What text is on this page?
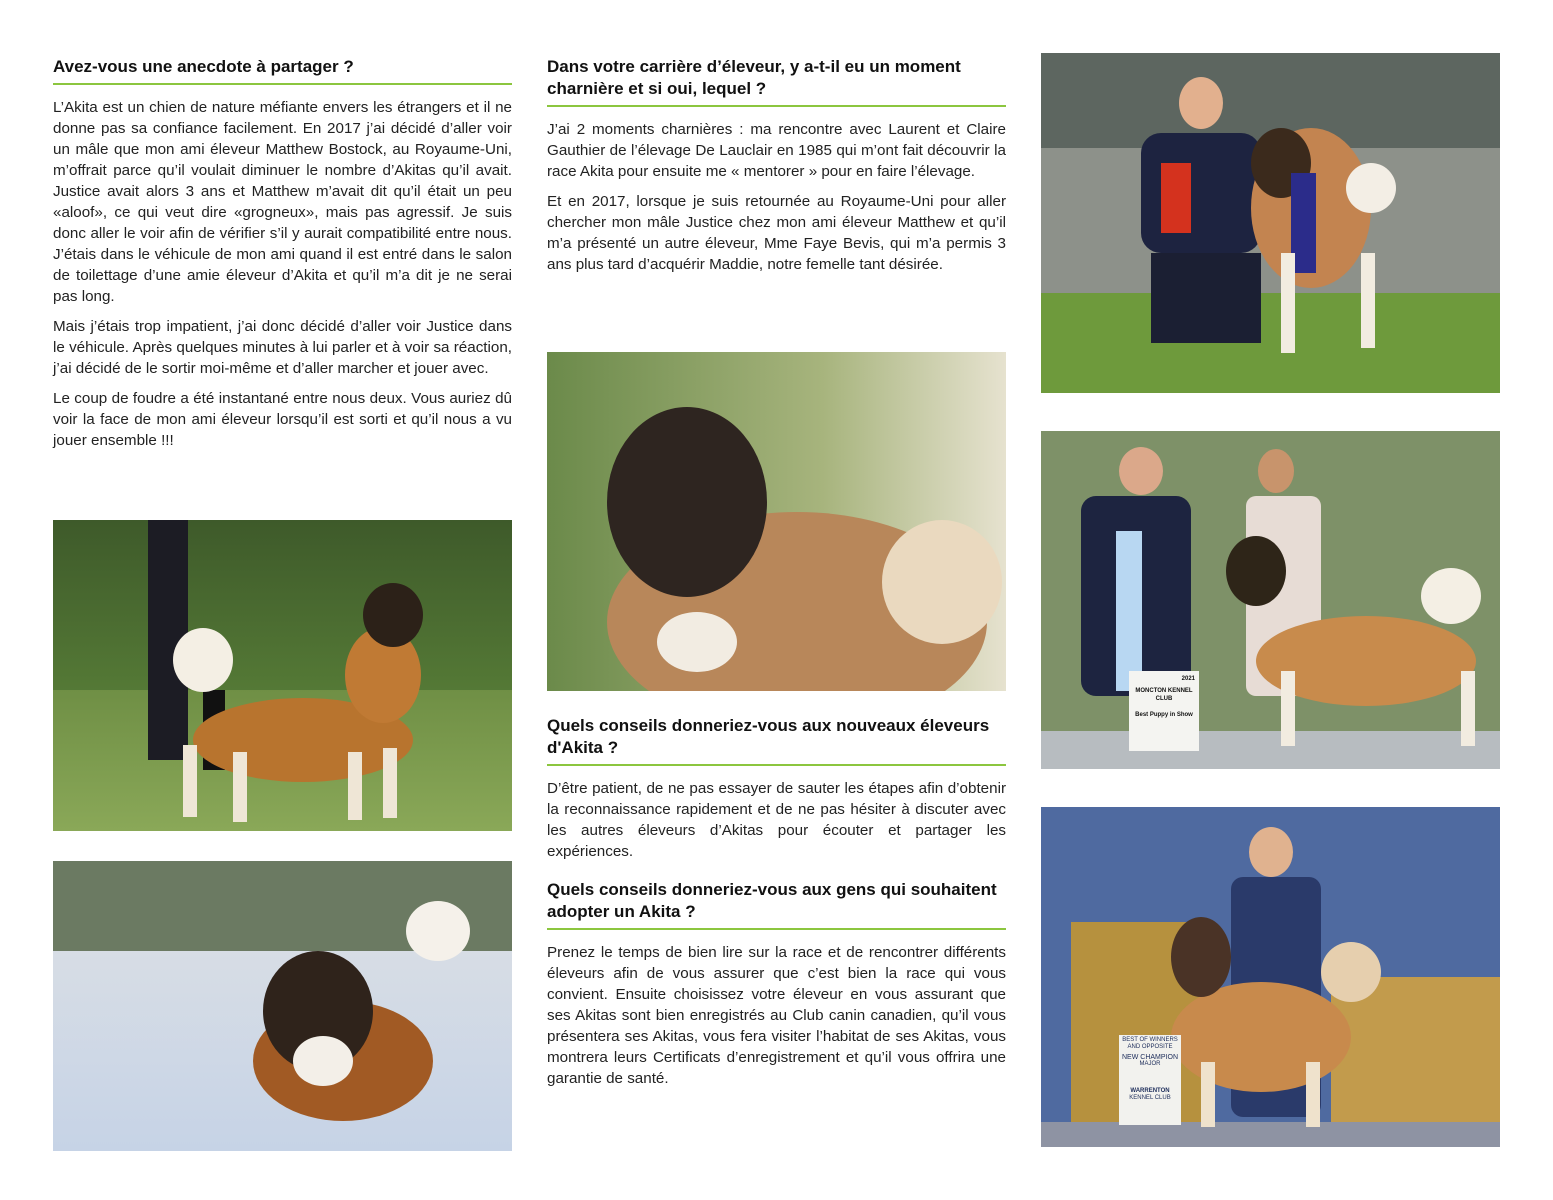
Avez-vous une anecdote à partager ?

L’Akita est un chien de nature méfiante envers les étrangers et il ne donne pas sa confiance facilement. En 2017 j’ai décidé d’aller voir un mâle que mon ami éleveur Matthew Bostock, au Royaume-Uni, m’offrait parce qu’il voulait diminuer le nombre d’Akitas qu’il avait. Justice avait alors 3 ans et Matthew m’avait dit qu’il était un peu «aloof», ce qui veut dire «grogneux», mais pas agressif. Je suis donc aller le voir afin de vérifier s’il y aurait compatibilité entre nous. J’étais dans le véhicule de mon ami quand il est entré dans le salon de toilettage d’une amie éleveur d’Akita et qu’il m’a dit je ne serai pas long.

Mais j’étais trop impatient, j’ai donc décidé d’aller voir Justice dans le véhicule. Après quelques minutes à lui parler et à voir sa réaction, j’ai décidé de le sortir moi-même et d’aller marcher et jouer avec.

Le coup de foudre a été instantané entre nous deux. Vous auriez dû voir la face de mon ami éleveur lorsqu’il est sorti et qu’il nous a vu jouer ensemble !!!

Dans votre carrière d’éleveur, y a-t-il eu un moment charnière et si oui, lequel ?

J’ai 2 moments charnières : ma rencontre avec Laurent et Claire Gauthier de l’élevage De Lauclair en 1985 qui m’ont fait découvrir la race Akita pour ensuite me « mentorer » pour en faire l’élevage.

Et en 2017, lorsque je suis retournée au Royaume-Uni pour aller chercher mon mâle Justice chez mon ami éleveur Matthew et qu’il m’a présenté un autre éleveur, Mme Faye Bevis, qui m’a permis 3 ans plus tard d’acquérir Maddie, notre femelle tant désirée.

Quels conseils donneriez-vous aux nouveaux éleveurs d'Akita ?

D’être patient, de ne pas essayer de sauter les étapes afin d’obtenir la reconnaissance rapidement et de ne pas hésiter à discuter avec les autres éleveurs d’Akitas pour écouter et partager les expériences.

Quels conseils donneriez-vous aux gens qui souhaitent adopter un Akita ?

Prenez le temps de bien lire sur la race et de rencontrer différents éleveurs afin de vous assurer que c’est bien la race qui vous convient. Ensuite choisissez votre éleveur en vous assurant que ses Akitas sont bien enregistrés au Club canin canadien, qu’il vous présentera ses Akitas, vous fera visiter l’habitat de ses Akitas, vous montrera leurs Certificats d’enregistrement et qu’il vous offrira une garantie de santé.

2021
MONCTON KENNEL CLUB
Best Puppy in Show
BEST OF WINNERS AND OPPOSITE
NEW CHAMPION
MAJOR
WARRENTON
KENNEL CLUB
